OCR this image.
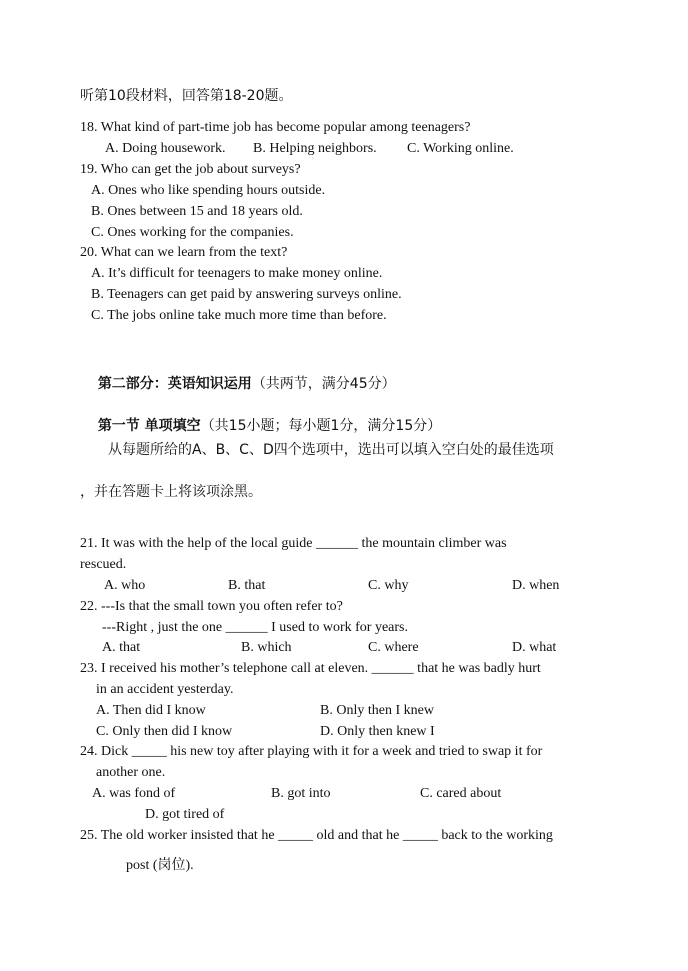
听第10段材料，回答第18-20题。
18. What kind of part-time job has become popular among teenagers?

A. Doing housework.

B. Helping neighbors.

C. Working online.

19. Who can get the job about surveys?
A. Ones who like spending hours outside.
B. Ones between 15 and 18 years old.
C. Ones working for the companies.
20. What can we learn from the text?
A. It’s difficult for teenagers to make money online.
B. Teenagers can get paid by answering surveys online.
C. The jobs online take much more time than before.

第二部分：英语知识运用（共两节，满分45分）

第一节 单项填空（共15小题；每小题1分，满分15分）

从每题所给的A、B、C、D四个选项中，选出可以填入空白处的最佳选项
，并在答题卡上将该项涂黑。
21. It was with the help of the local guide ______ the mountain climber was
rescued.

A. who

	B. that

	C. why

	D. when

22. ---Is that the small town you often refer to?
---Right , just the one ______ I used to work for years.

A. that

	B. which

	C. where

	D. what

23. I received his mother’s telephone call at eleven. ______ that he was badly hurt
in an accident yesterday.

A. Then did I know

	B. Only then I knew

C. Only then did I know

	D. Only then knew I

24. Dick _____ his new toy after playing with it for a week and tried to swap it for
another one.

A. was fond of

	B. got into

	C. cared about

D. got tired of
25. The old worker insisted that he _____ old and that he _____ back to the working
post (岗位).
